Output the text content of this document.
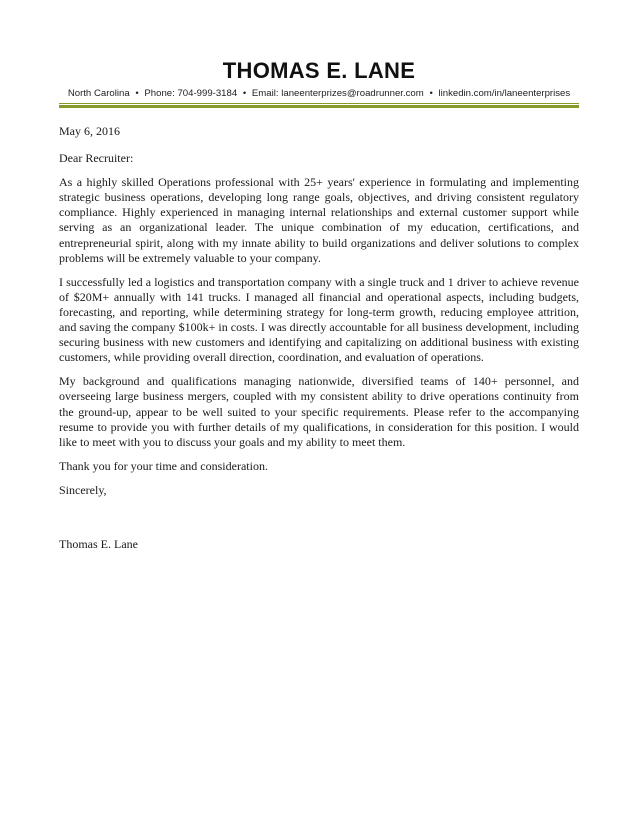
THOMAS E. LANE
North Carolina • Phone: 704-999-3184 • Email: laneenterprizes@roadrunner.com • linkedin.com/in/laneenterprises

May 6, 2016

Dear Recruiter:

As a highly skilled Operations professional with 25+ years' experience in formulating and implementing strategic business operations, developing long range goals, objectives, and driving consistent regulatory compliance. Highly experienced in managing internal relationships and external customer support while serving as an organizational leader. The unique combination of my education, certifications, and entrepreneurial spirit, along with my innate ability to build organizations and deliver solutions to complex problems will be extremely valuable to your company.

I successfully led a logistics and transportation company with a single truck and 1 driver to achieve revenue of $20M+ annually with 141 trucks. I managed all financial and operational aspects, including budgets, forecasting, and reporting, while determining strategy for long-term growth, reducing employee attrition, and saving the company $100k+ in costs. I was directly accountable for all business development, including securing business with new customers and identifying and capitalizing on additional business with existing customers, while providing overall direction, coordination, and evaluation of operations.

My background and qualifications managing nationwide, diversified teams of 140+ personnel, and overseeing large business mergers, coupled with my consistent ability to drive operations continuity from the ground-up, appear to be well suited to your specific requirements. Please refer to the accompanying resume to provide you with further details of my qualifications, in consideration for this position. I would like to meet with you to discuss your goals and my ability to meet them.

Thank you for your time and consideration.

Sincerely,

Thomas E. Lane
